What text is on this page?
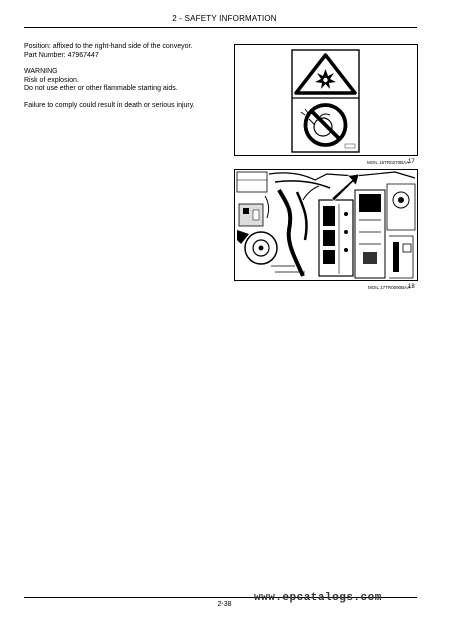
2 - SAFETY INFORMATION

Position: affixed to the right-hand side of the conveyor.

Part Number: 47967447

WARNING

Risk of explosion.

Do not use ether or other flammable starting aids.

Failure to comply could result in death or serious injury.

MOIL 16TR0270BAA
17
MOIL 17TR0090BAA
18
2-38
www.epcatalogs.com
